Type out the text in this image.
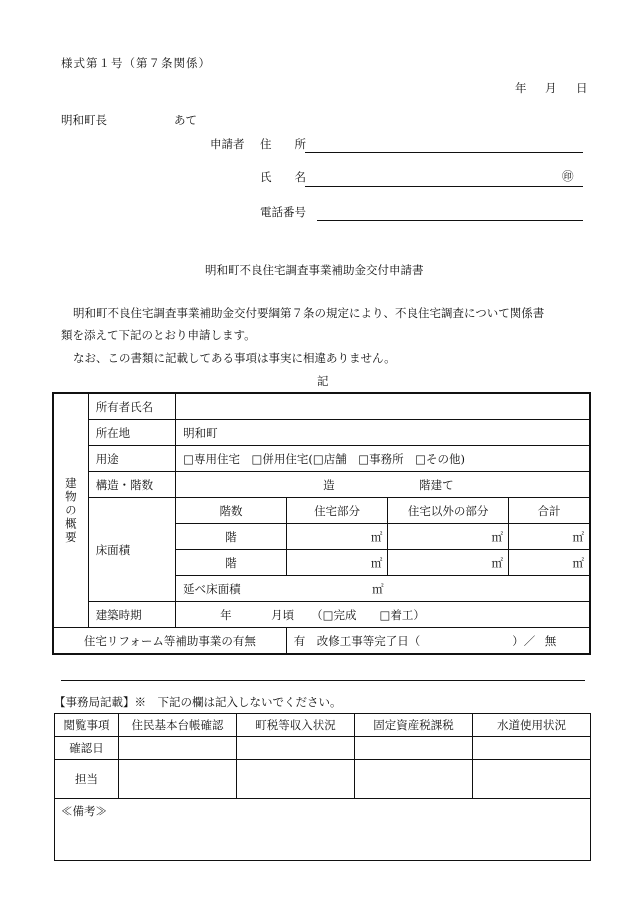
様式第１号（第７条関係）
年 月 日
明和町長	あて
申請者 住　　所
氏　　名	㊞
電話番号
明和町不良住宅調査事業補助金交付申請書
明和町不良住宅調査事業補助金交付要綱第７条の規定により、不良住宅調査について関係書
類を添えて下記のとおり申請します。
なお、この書類に記載してある事項は事実に相違ありません。
記
建物の概要	所有者氏名				
	所在地	明和町			
	用途	□専用住宅　□併用住宅(□店舗　□事務所　□その他)			
	構造・階数	造 階建て			

	床面積	階数	住宅部分	住宅以外の部分	合計
		階	㎡	㎡	㎡
		階	㎡	㎡	㎡

		延べ床面積 ㎡			

	建築時期	年 月頃 （□完成　　□着工）			

住宅リフォーム等補助事業の有無			有 改修工事等完了日（　　　　　　　　）／ 無		
【事務局記載】※　下記の欄は記入しないでください。
閲覧事項	住民基本台帳確認	町税等収入状況	固定資産税課税	水道使用状況
確認日				
担当				
≪備考≫				
